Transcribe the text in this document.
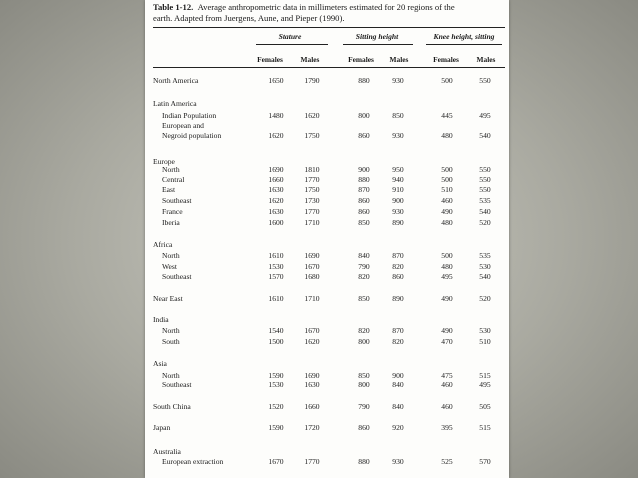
Table 1-12. Average anthropometric data in millimeters estimated for 20 regions of the
earth. Adapted from Juergens, Aune, and Pieper (1990).
Stature	Sitting height	Knee height, sitting
Females	Males	Females	Males	Females	Males
North America	1650	1790	880	930	500	550
Latin America
Indian Population	1480	1620	800	850	445	495
European and
Negroid population	1620	1750	860	930	480	540
Europe
North	1690	1810	900	950	500	550
Central	1660	1770	880	940	500	550
East	1630	1750	870	910	510	550
Southeast	1620	1730	860	900	460	535
France	1630	1770	860	930	490	540
Iberia	1600	1710	850	890	480	520
Africa
North	1610	1690	840	870	500	535
West	1530	1670	790	820	480	530
Southeast	1570	1680	820	860	495	540
Near East	1610	1710	850	890	490	520
India
North	1540	1670	820	870	490	530
South	1500	1620	800	820	470	510
Asia
North	1590	1690	850	900	475	515
Southeast	1530	1630	800	840	460	495
South China	1520	1660	790	840	460	505
Japan	1590	1720	860	920	395	515
Australia
European extraction	1670	1770	880	930	525	570
